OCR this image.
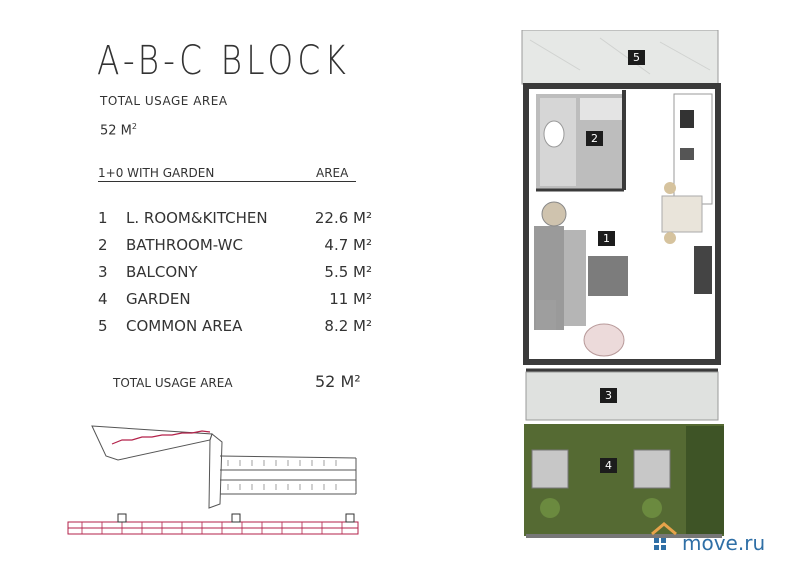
A-B-C BLOCK
TOTAL USAGE AREA
52 $M^2$
1+0 WITH GARDEN	AREA
1 L. ROOM&KITCHEN	22.6 M²
2 BATHROOM-WC	4.7 M²
3 BALCONY	5.5 M²
4 GARDEN	11 M²
5 COMMON AREA	8.2 M²
TOTAL USAGE AREA	52 M²
5
2
1
3
4
move.ru
